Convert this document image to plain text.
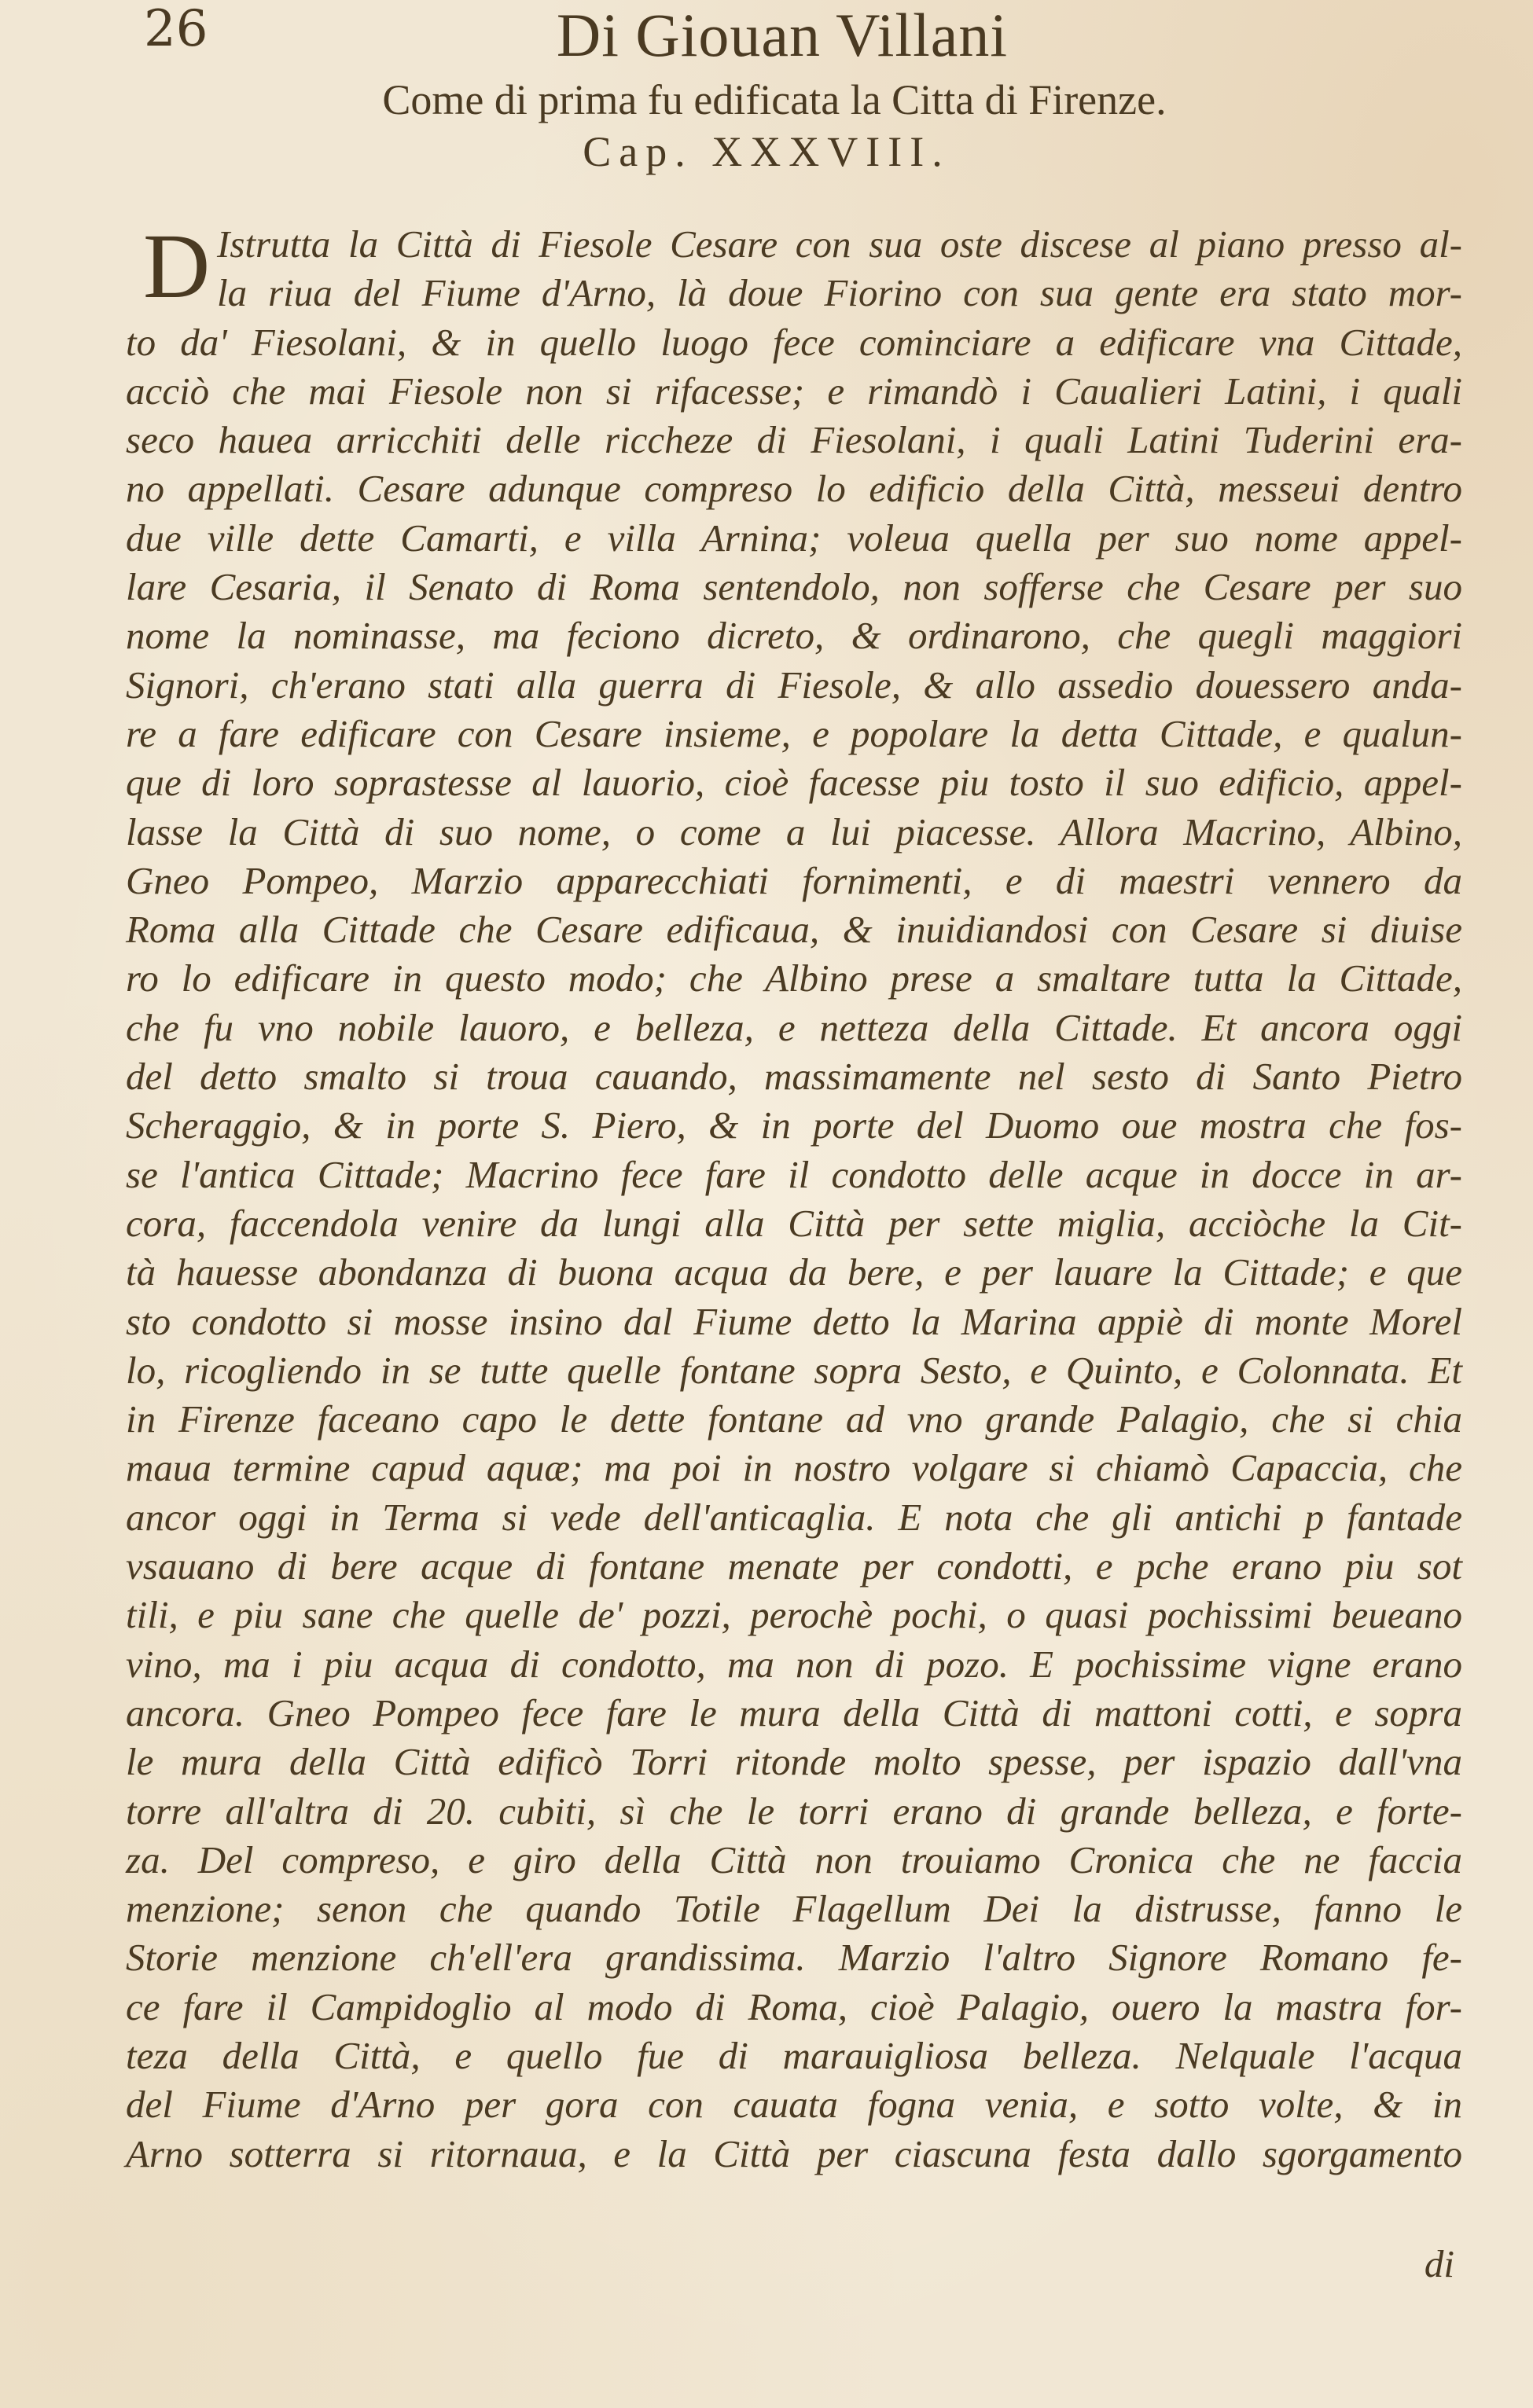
26	Di Giouan Villani
Come di prima fu edificata la Citta di Firenze.
Cap. XXXVIII.
D Istrutta la Città di Fiesole Cesare con sua oste discese al piano presso al-
la riua del Fiume d'Arno, là doue Fiorino con sua gente era stato mor-
to da' Fiesolani, & in quello luogo fece cominciare a edificare vna Cittade,
acciò che mai Fiesole non si rifacesse; e rimandò i Caualieri Latini, i quali
seco hauea arricchiti delle riccheze di Fiesolani, i quali Latini Tuderini era-
no appellati. Cesare adunque compreso lo edificio della Città, messeui dentro
due ville dette Camarti, e villa Arnina; voleua quella per suo nome appel-
lare Cesaria, il Senato di Roma sentendolo, non sofferse che Cesare per suo
nome la nominasse, ma feciono dicreto, & ordinarono, che quegli maggiori
Signori, ch'erano stati alla guerra di Fiesole, & allo assedio douessero anda-
re a fare edificare con Cesare insieme, e popolare la detta Cittade, e qualun-
que di loro soprastesse al lauorio, cioè facesse piu tosto il suo edificio, appel-
lasse la Città di suo nome, o come a lui piacesse. Allora Macrino, Albino,
Gneo Pompeo, Marzio apparecchiati fornimenti, e di maestri vennero da
Roma alla Cittade che Cesare edificaua, & inuidiandosi con Cesare si diuise
ro lo edificare in questo modo; che Albino prese a smaltare tutta la Cittade,
che fu vno nobile lauoro, e belleza, e netteza della Cittade. Et ancora oggi
del detto smalto si troua cauando, massimamente nel sesto di Santo Pietro
Scheraggio, & in porte S. Piero, & in porte del Duomo oue mostra che fos-
se l'antica Cittade; Macrino fece fare il condotto delle acque in docce in ar-
cora, faccendola venire da lungi alla Città per sette miglia, acciòche la Cit-
tà hauesse abondanza di buona acqua da bere, e per lauare la Cittade; e que
sto condotto si mosse insino dal Fiume detto la Marina appiè di monte Morel
lo, ricogliendo in se tutte quelle fontane sopra Sesto, e Quinto, e Colonnata. Et
in Firenze faceano capo le dette fontane ad vno grande Palagio, che si chia
maua termine capud aquæ; ma poi in nostro volgare si chiamò Capaccia, che
ancor oggi in Terma si vede dell'anticaglia. E nota che gli antichi p fantade
vsauano di bere acque di fontane menate per condotti, e pche erano piu sot
tili, e piu sane che quelle de' pozzi, perochè pochi, o quasi pochissimi beueano
vino, ma i piu acqua di condotto, ma non di pozo. E pochissime vigne erano
ancora. Gneo Pompeo fece fare le mura della Città di mattoni cotti, e sopra
le mura della Città edificò Torri ritonde molto spesse, per ispazio dall'vna
torre all'altra di 20. cubiti, sì che le torri erano di grande belleza, e forte-
za. Del compreso, e giro della Città non trouiamo Cronica che ne faccia
menzione; senon che quando Totile Flagellum Dei la distrusse, fanno le
Storie menzione ch'ell'era grandissima. Marzio l'altro Signore Romano fe-
ce fare il Campidoglio al modo di Roma, cioè Palagio, ouero la mastra for-
teza della Città, e quello fue di marauigliosa belleza. Nelquale l'acqua
del Fiume d'Arno per gora con cauata fogna venia, e sotto volte, & in
Arno sotterra si ritornaua, e la Città per ciascuna festa dallo sgorgamento
di
